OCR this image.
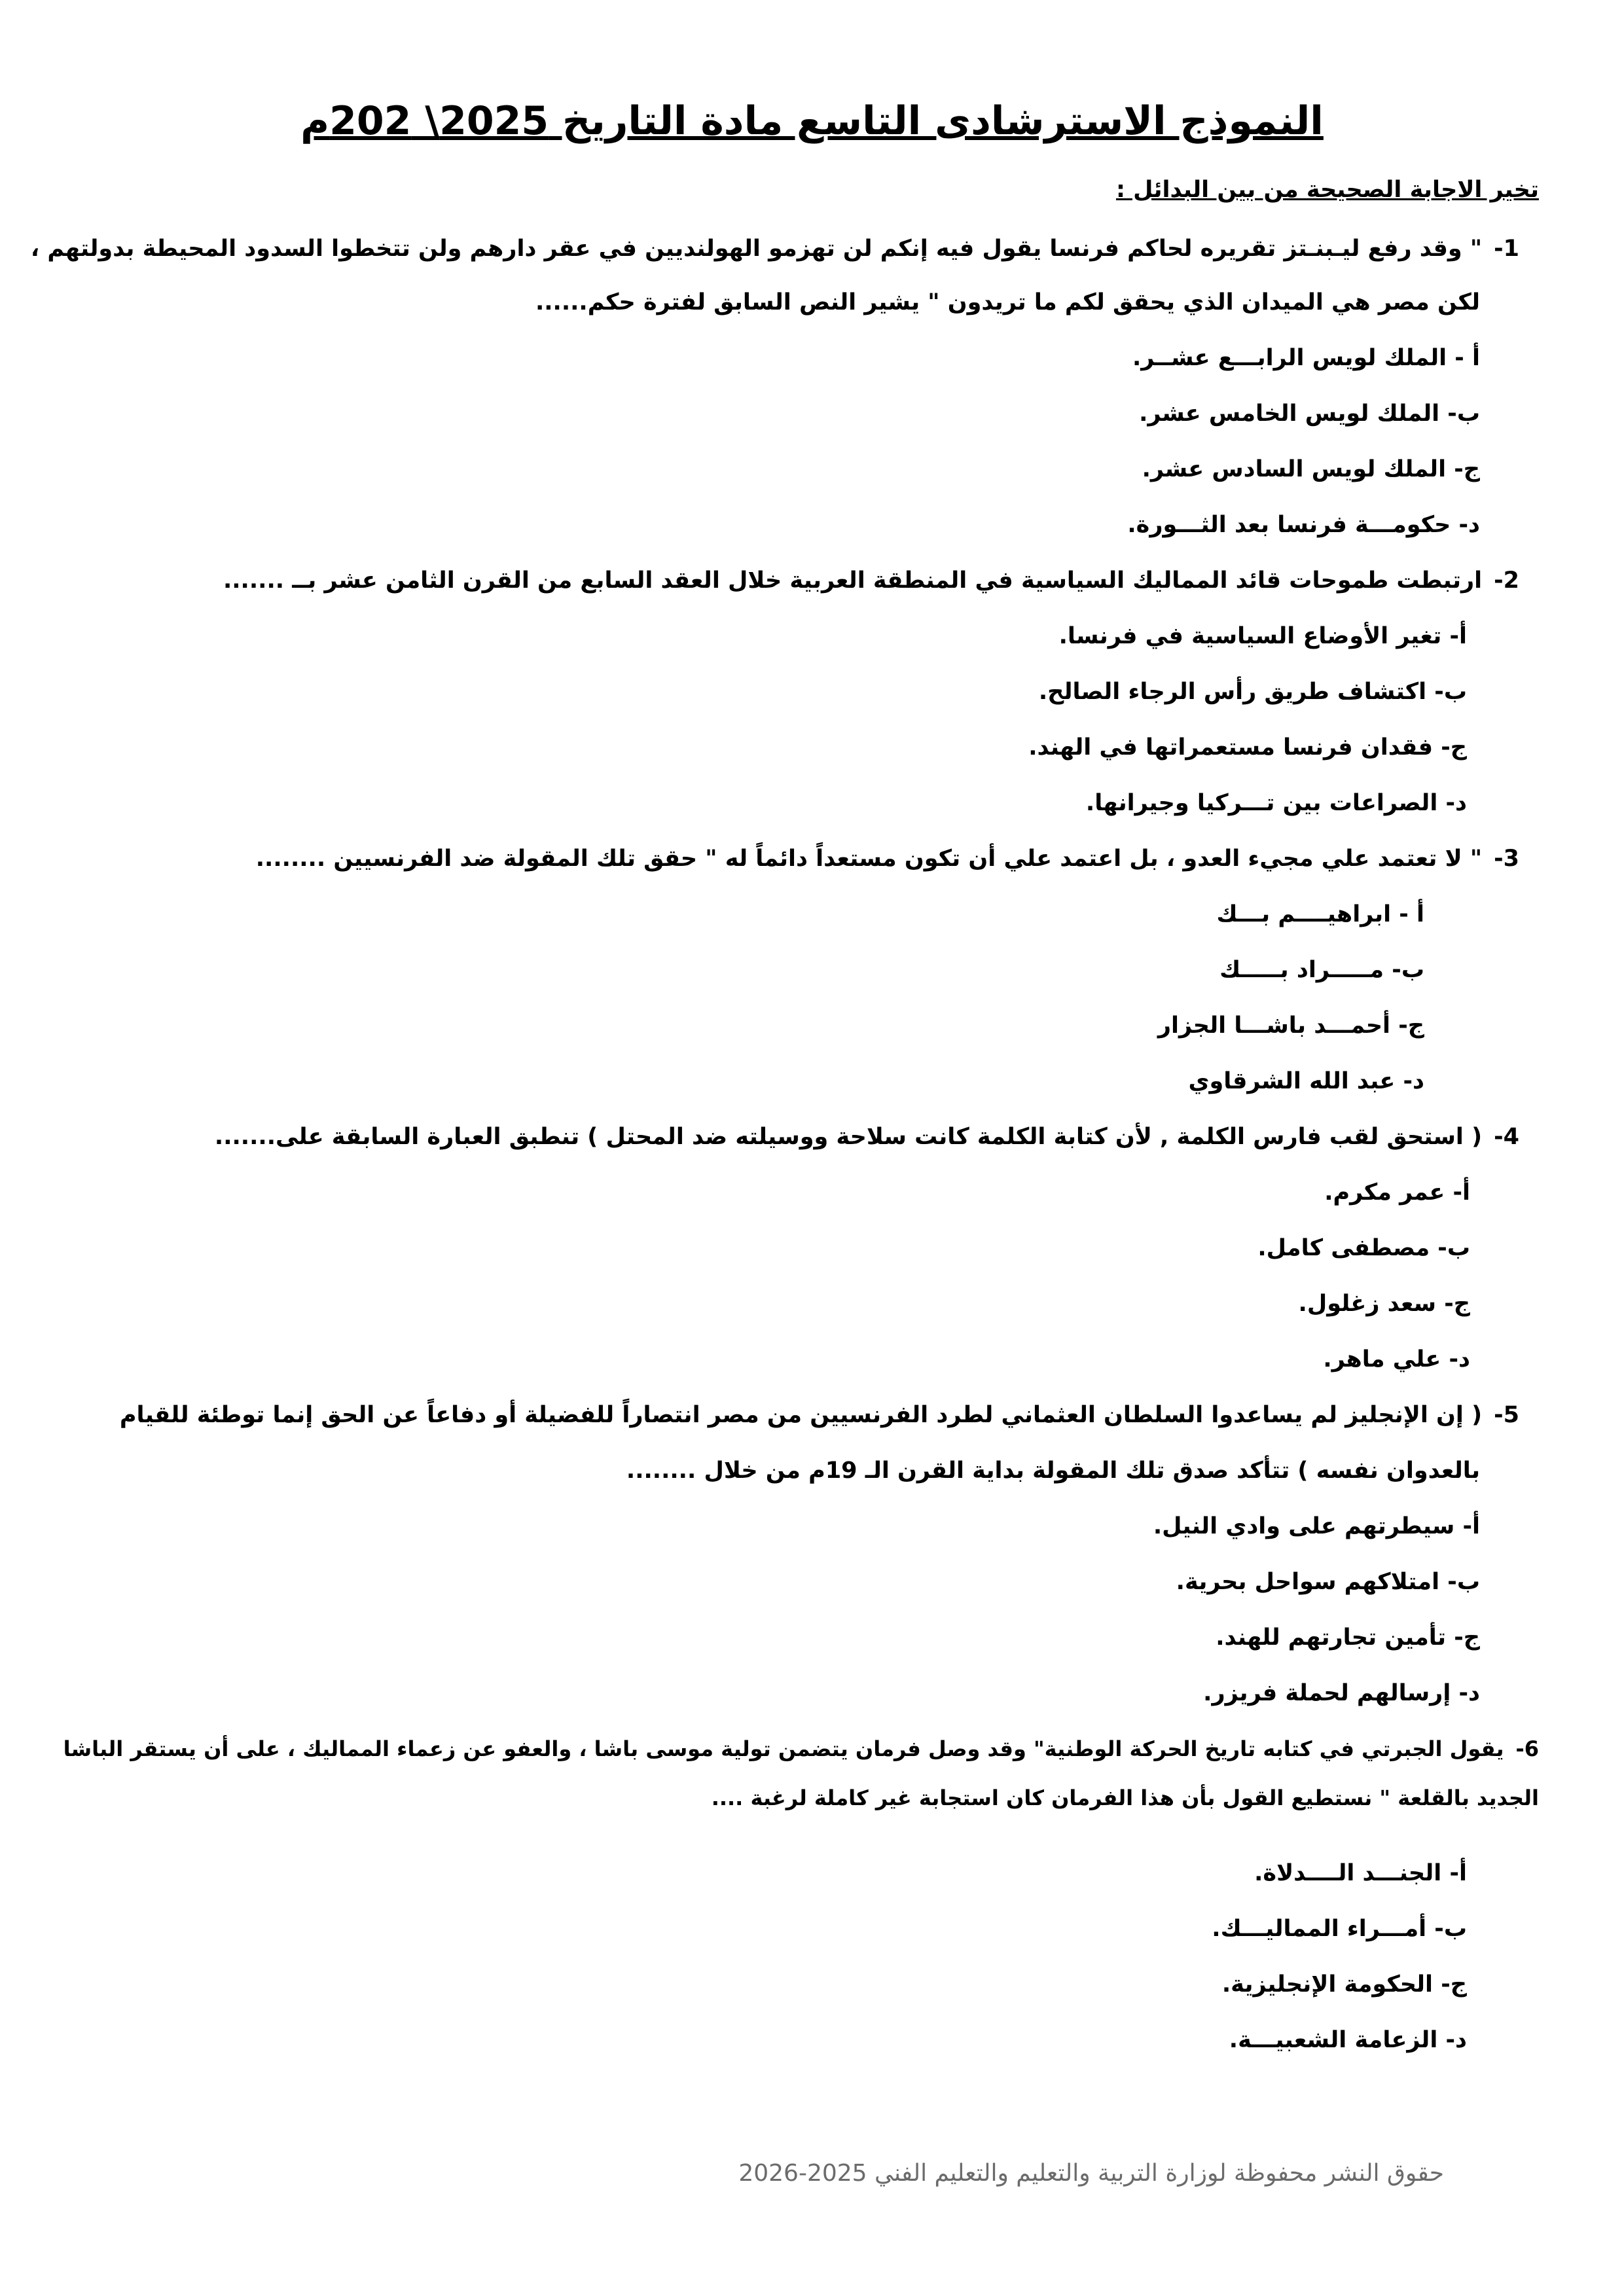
النموذج الاسترشادى التاسع مادة التاريخ 2025\ 202م
تخير الاجابة الصحيحة من بين البدائل :
1-" وقد رفع ليـبنـتز تقريره لحاكم فرنسا يقول فيه إنكم لن تهزمو الهولنديين في عقر دارهم ولن تتخطوا السدود المحيطة بدولتهم ،
لكن مصر هي الميدان الذي يحقق لكم ما تريدون " يشير النص السابق لفترة حكم......
أ - الملك لويس الرابـــع عشــر.
ب- الملك لويس الخامس عشر.
ج- الملك لويس السادس عشر.
د- حكومـــة فرنسا بعد الثـــورة.
2-ارتبطت طموحات قائد المماليك السياسية في المنطقة العربية خلال العقد السابع من القرن الثامن عشر بــ .......
أ- تغير الأوضاع السياسية في فرنسا.
ب- اكتشاف طريق رأس الرجاء الصالح.
ج- فقدان فرنسا مستعمراتها في الهند.
د- الصراعات بين تـــركيا وجيرانها.
3-" لا تعتمد علي مجيء العدو ، بل اعتمد علي أن تكون مستعداً دائماً له " حقق تلك المقولة ضد الفرنسيين ........
أ - ابراهيــــم بـــك
ب- مـــــراد بـــــك
ج- أحمـــد باشـــا الجزار
د- عبد الله الشرقاوي
4-( استحق لقب فارس الكلمة , لأن كتابة الكلمة كانت سلاحة ووسيلته ضد المحتل ) تنطبق العبارة السابقة على.......
أ- عمر مكرم.
ب- مصطفى كامل.
ج- سعد زغلول.
د- علي ماهر.
5-( إن الإنجليز لم يساعدوا السلطان العثماني لطرد الفرنسيين من مصر انتصاراً للفضيلة أو دفاعاً عن الحق إنما توطئة للقيام
بالعدوان نفسه ) تتأكد صدق تلك المقولة بداية القرن الـ 19م من خلال ........
أ- سيطرتهم على وادي النيل.
ب- امتلاكهم سواحل بحرية.
ج- تأمين تجارتهم للهند.
د- إرسالهم لحملة فريزر.
6-يقول الجبرتي في كتابه تاريخ الحركة الوطنية" وقد وصل فرمان يتضمن تولية موسى باشا ، والعفو عن زعماء المماليك ، على أن يستقر الباشا
الجديد بالقلعة " نستطيع القول بأن هذا الفرمان كان استجابة غير كاملة لرغبة ....
أ- الجنـــد الــــدلاة.
ب- أمـــراء المماليـــك.
ج- الحكومة الإنجليزية.
د- الزعامة الشعبيـــة.
حقوق النشر محفوظة لوزارة التربية والتعليم والتعليم الفني 2025-2026
